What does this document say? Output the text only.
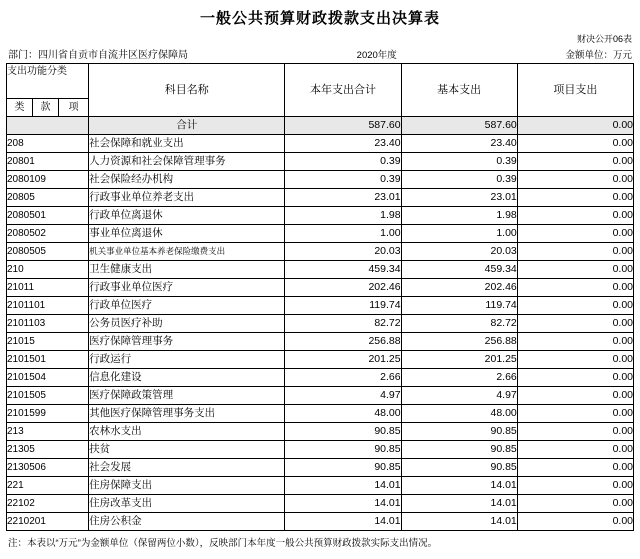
一般公共预算财政拨款支出决算表
财决公开06表
部门：四川省自贡市自流井区医疗保障局	2020年度	金额单位：万元
支出功能分类			科目名称	本年支出合计	基本支出	项目支出

类	款	项				
			合计	587.60	587.60	0.00
208			社会保障和就业支出	23.40	23.40	0.00
20801			人力资源和社会保障管理事务	0.39	0.39	0.00
2080109			社会保险经办机构	0.39	0.39	0.00
20805			行政事业单位养老支出	23.01	23.01	0.00
2080501			行政单位离退休	1.98	1.98	0.00
2080502			事业单位离退休	1.00	1.00	0.00
2080505			机关事业单位基本养老保险缴费支出	20.03	20.03	0.00
210			卫生健康支出	459.34	459.34	0.00
21011			行政事业单位医疗	202.46	202.46	0.00
2101101			行政单位医疗	119.74	119.74	0.00
2101103			公务员医疗补助	82.72	82.72	0.00
21015			医疗保障管理事务	256.88	256.88	0.00
2101501			行政运行	201.25	201.25	0.00
2101504			信息化建设	2.66	2.66	0.00
2101505			医疗保障政策管理	4.97	4.97	0.00
2101599			其他医疗保障管理事务支出	48.00	48.00	0.00
213			农林水支出	90.85	90.85	0.00
21305			扶贫	90.85	90.85	0.00
2130506			社会发展	90.85	90.85	0.00
221			住房保障支出	14.01	14.01	0.00
22102			住房改革支出	14.01	14.01	0.00
2210201			住房公积金	14.01	14.01	0.00
注：本表以“万元”为金额单位（保留两位小数），反映部门本年度一般公共预算财政拨款实际支出情况。
